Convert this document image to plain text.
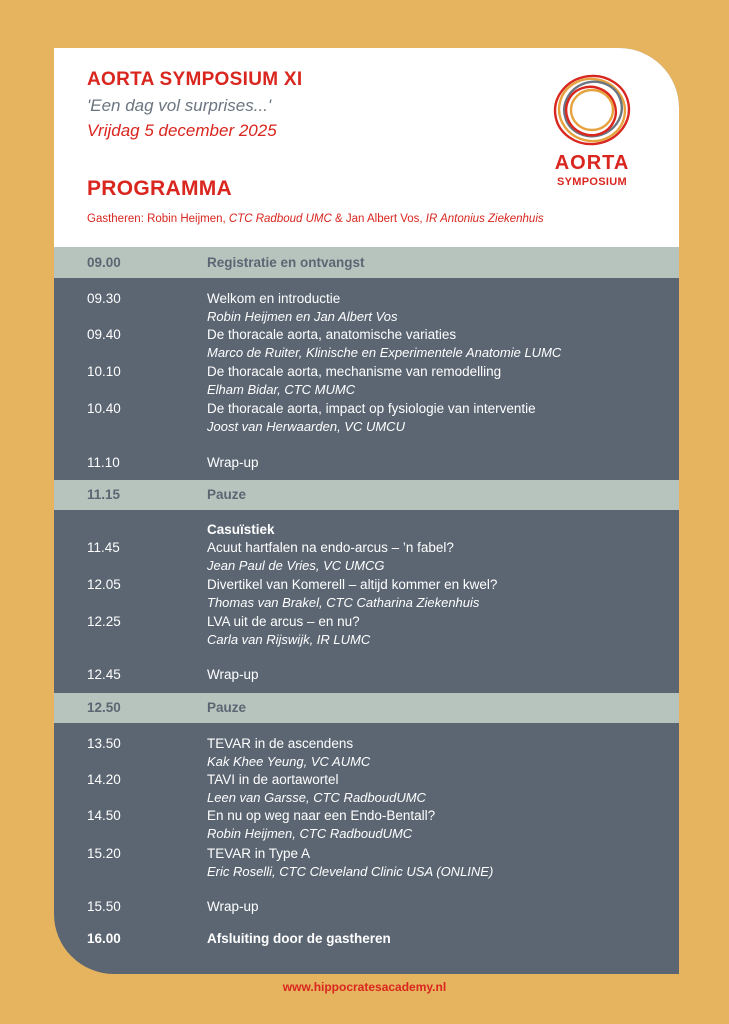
AORTA SYMPOSIUM XI

'Een dag vol surprises...'

Vrijdag 5 december 2025

PROGRAMMA
Gastheren: Robin Heijmen, CTC Radboud UMC & Jan Albert Vos, IR Antonius Ziekenhuis
AORTA
SYMPOSIUM
09.00	Registratie en ontvangst
09.30	Welkom en introductie
Robin Heijmen en Jan Albert Vos
09.40	De thoracale aorta, anatomische variaties
Marco de Ruiter, Klinische en Experimentele Anatomie LUMC
10.10	De thoracale aorta, mechanisme van remodelling
Elham Bidar, CTC MUMC
10.40	De thoracale aorta, impact op fysiologie van interventie
Joost van Herwaarden, VC UMCU
11.10	Wrap-up
11.15	Pauze
Casuïstiek
11.45	Acuut hartfalen na endo-arcus – ’n fabel?
Jean Paul de Vries, VC UMCG
12.05	Divertikel van Komerell – altijd kommer en kwel?
Thomas van Brakel, CTC Catharina Ziekenhuis
12.25	LVA uit de arcus – en nu?
Carla van Rijswijk, IR LUMC
12.45	Wrap-up
12.50	Pauze
13.50	TEVAR in de ascendens
Kak Khee Yeung, VC AUMC
14.20	TAVI in de aortawortel
Leen van Garsse, CTC RadboudUMC
14.50	En nu op weg naar een Endo-Bentall?
Robin Heijmen, CTC RadboudUMC
15.20	TEVAR in Type A
Eric Roselli, CTC Cleveland Clinic USA (ONLINE)
15.50	Wrap-up
16.00	Afsluiting door de gastheren
www.hippocratesacademy.nl
